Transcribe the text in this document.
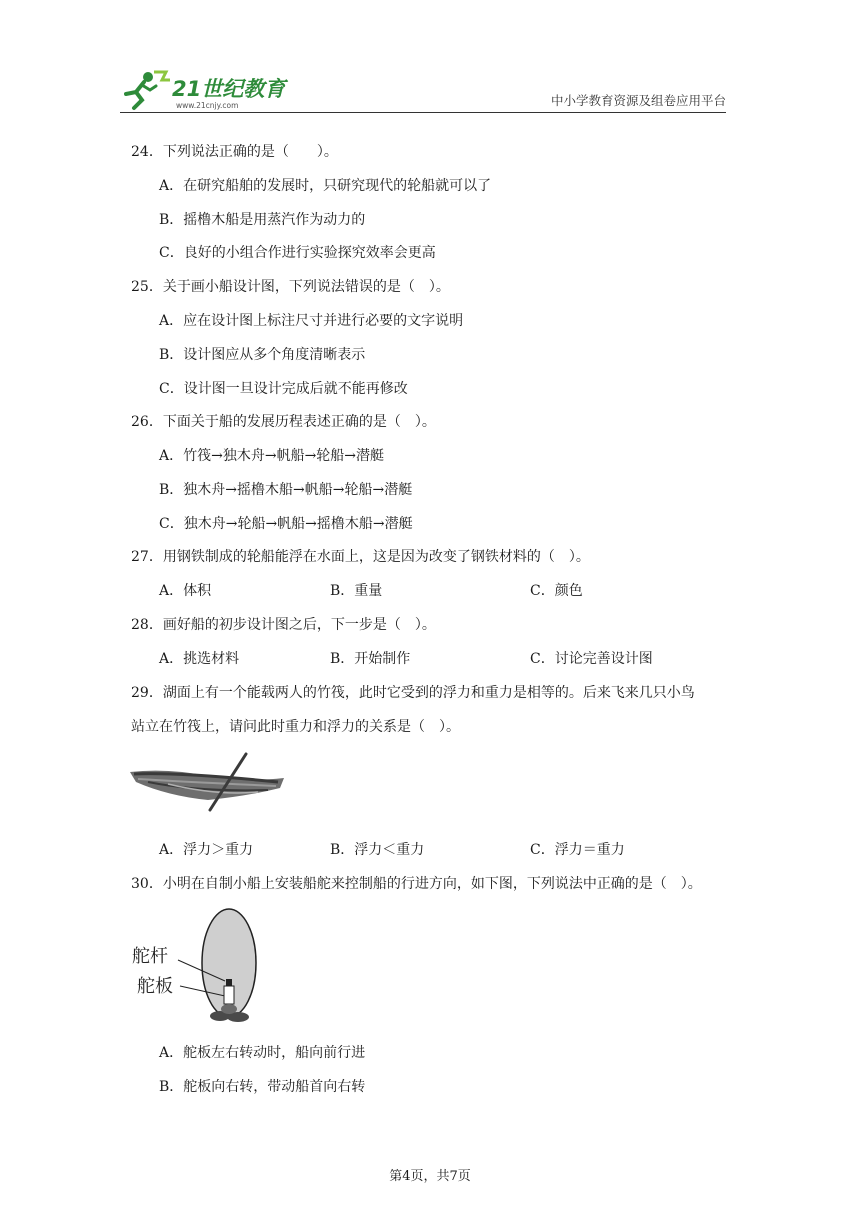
21世纪教育
www.21cnjy.com	中小学教育资源及组卷应用平台
24．下列说法正确的是（　　）。
A．在研究船舶的发展时，只研究现代的轮船就可以了
B．摇橹木船是用蒸汽作为动力的
C．良好的小组合作进行实验探究效率会更高
25．关于画小船设计图，下列说法错误的是（　）。
A．应在设计图上标注尺寸并进行必要的文字说明
B．设计图应从多个角度清晰表示
C．设计图一旦设计完成后就不能再修改
26．下面关于船的发展历程表述正确的是（　）。
A．竹筏→独木舟→帆船→轮船→潜艇
B．独木舟→摇橹木船→帆船→轮船→潜艇
C．独木舟→轮船→帆船→摇橹木船→潜艇
27．用钢铁制成的轮船能浮在水面上，这是因为改变了钢铁材料的（　）。
A．体积	B．重量	C．颜色
28．画好船的初步设计图之后，下一步是（　）。
A．挑选材料	B．开始制作	C．讨论完善设计图
29．湖面上有一个能载两人的竹筏，此时它受到的浮力和重力是相等的。后来飞来几只小鸟
站立在竹筏上，请问此时重力和浮力的关系是（　）。
A．浮力＞重力	B．浮力＜重力	C．浮力＝重力
30．小明在自制小船上安装船舵来控制船的行进方向，如下图，下列说法中正确的是（　）。
舵杆
舵板
A．舵板左右转动时，船向前行进
B．舵板向右转，带动船首向右转
第4页，共7页
